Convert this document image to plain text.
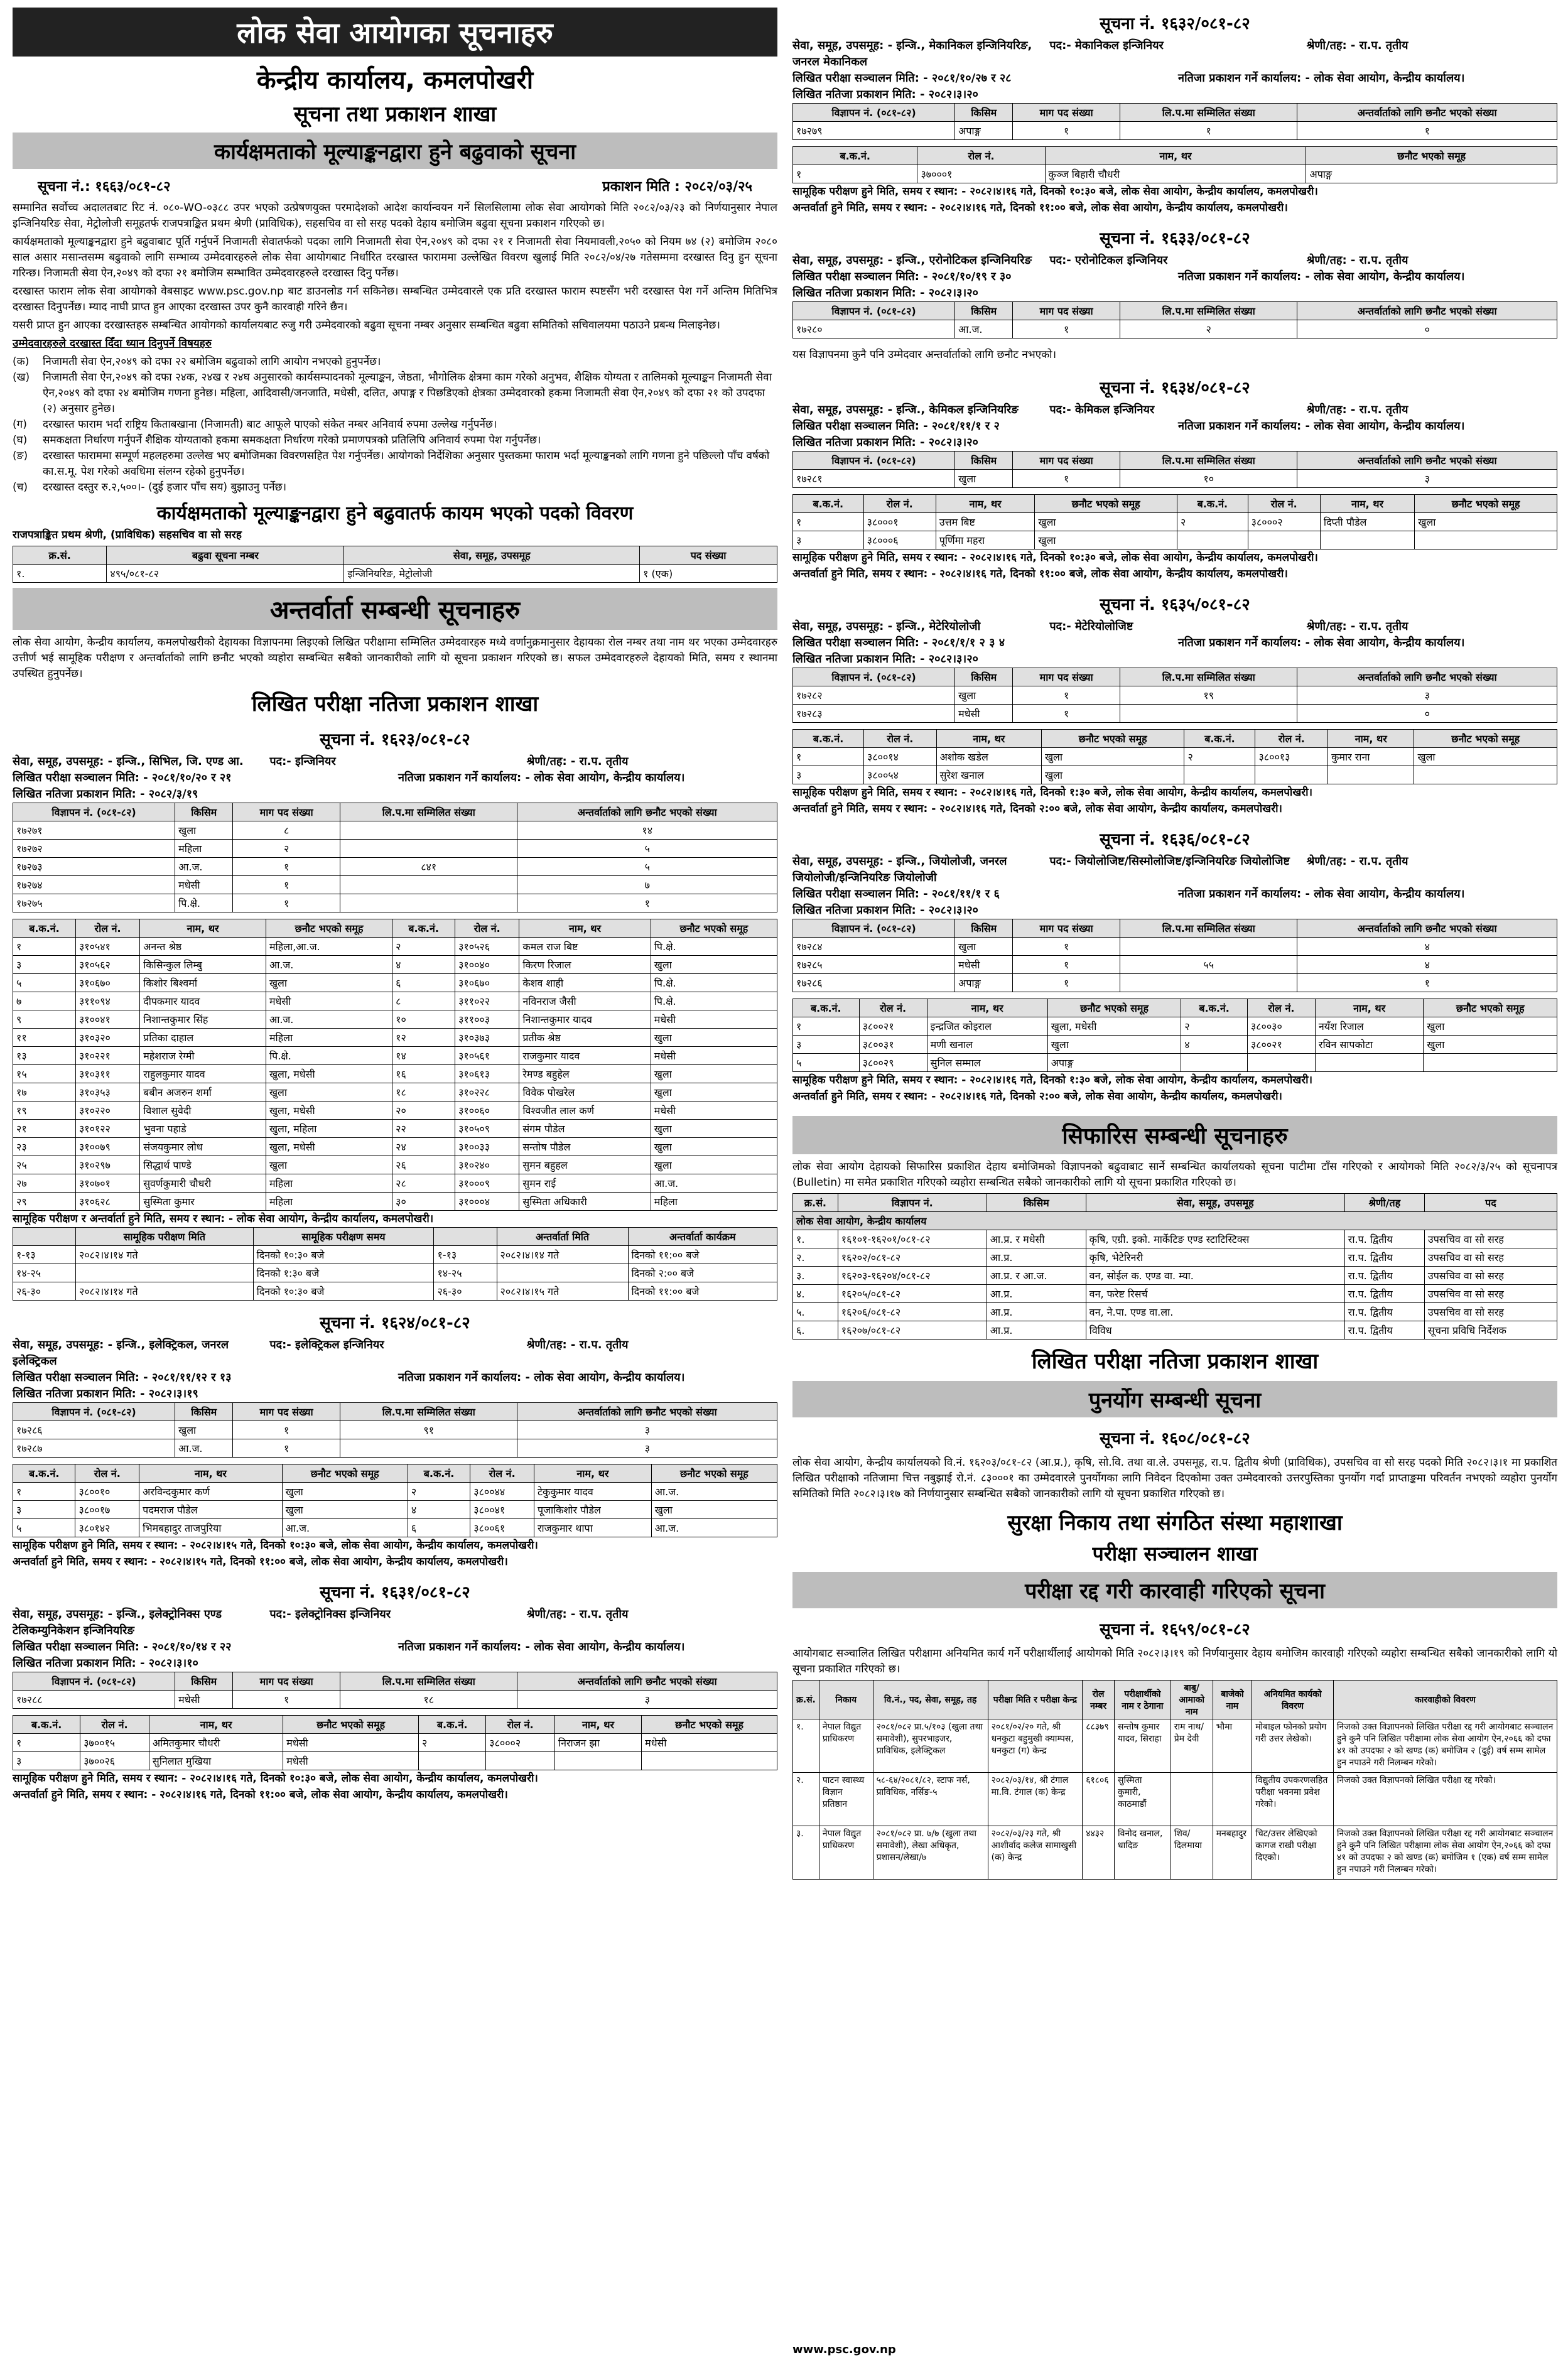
लोक सेवा आयोगका सूचनाहरु
केन्द्रीय कार्यालय, कमलपोखरी
सूचना तथा प्रकाशन शाखा
कार्यक्षमताको मूल्याङ्कनद्वारा हुने बढुवाको सूचना
सूचना नं.: १६६३/०८१-८२	प्रकाशन मिति : २०८२/०३/२५
सम्मानित सर्वोच्च अदालतबाट रिट नं. ०८०-WO-०३८८ उपर भएको उत्प्रेषणयुक्त परमादेशको आदेश कार्यान्वयन गर्ने सिलसिलामा लोक सेवा आयोगको मिति २०८२/०३/२३ को निर्णयानुसार नेपाल इन्जिनियरिङ सेवा, मेट्रोलोजी समूहतर्फ राजपत्राङ्कित प्रथम श्रेणी (प्राविधिक), सहसचिव वा सो सरह पदको देहाय बमोजिम बढुवा सूचना प्रकाशन गरिएको छ।
कार्यक्षमताको मूल्याङ्कनद्वारा हुने बढुवाबाट पूर्ति गर्नुपर्ने निजामती सेवातर्फको पदका लागि निजामती सेवा ऐन,२०४९ को दफा २१ र निजामती सेवा नियमावली,२०५० को नियम ७४ (२) बमोजिम २०८० साल असार मसान्तसम्म बढुवाको लागि सम्भाव्य उम्मेदवारहरुले लोक सेवा आयोगबाट निर्धारित दरखास्त फाराममा उल्लेखित विवरण खुलाई मिति २०८२/०४/२७ गतेसम्ममा दरखास्त दिनु हुन सूचना गरिन्छ। निजामती सेवा ऐन,२०४९ को दफा २१ बमोजिम सम्भावित उम्मेदवारहरुले दरखास्त दिनु पर्नेछ।
दरखास्त फाराम लोक सेवा आयोगको वेबसाइट www.psc.gov.np बाट डाउनलोड गर्न सकिनेछ। सम्बन्धित उम्मेदवारले एक प्रति दरखास्त फाराम स्पष्टसँग भरी दरखास्त पेश गर्ने अन्तिम मितिभित्र दरखास्त दिनुपर्नेछ। म्याद नाघी प्राप्त हुन आएका दरखास्त उपर कुनै कारवाही गरिने छैन।
यसरी प्राप्त हुन आएका दरखास्तहरु सम्बन्धित आयोगको कार्यालयबाट रुजु गरी उम्मेदवारको बढुवा सूचना नम्बर अनुसार सम्बन्धित बढुवा समितिको सचिवालयमा पठाउने प्रबन्ध मिलाइनेछ।
उम्मेदवारहरुले दरखास्त दिँदा ध्यान दिनुपर्ने विषयहरु
(क)	निजामती सेवा ऐन,२०४९ को दफा २२ बमोजिम बढुवाको लागि आयोग नभएको हुनुपर्नेछ।
(ख)	निजामती सेवा ऐन,२०४९ को दफा २४क, २४ख र २४घ अनुसारको कार्यसम्पादनको मूल्याङ्कन, जेष्ठता, भौगोलिक क्षेत्रमा काम गरेको अनुभव, शैक्षिक योग्यता र तालिमको मूल्याङ्कन निजामती सेवा ऐन,२०४९ को दफा २४ बमोजिम गणना हुनेछ। महिला, आदिवासी/जनजाति, मधेसी, दलित, अपाङ्ग र पिछडिएको क्षेत्रका उम्मेदवारको हकमा निजामती सेवा ऐन,२०४९ को दफा २१ को उपदफा (२) अनुसार हुनेछ।
(ग)	दरखास्त फाराम भर्दा राष्ट्रिय किताबखाना (निजामती) बाट आफूले पाएको संकेत नम्बर अनिवार्य रुपमा उल्लेख गर्नुपर्नेछ।
(घ)	समकक्षता निर्धारण गर्नुपर्ने शैक्षिक योग्यताको हकमा समकक्षता निर्धारण गरेको प्रमाणपत्रको प्रतिलिपि अनिवार्य रुपमा पेश गर्नुपर्नेछ।
(ङ)	दरखास्त फाराममा सम्पूर्ण महलहरुमा उल्लेख भए बमोजिमका विवरणसहित पेश गर्नुपर्नेछ। आयोगको निर्देशिका अनुसार पुस्तकमा फाराम भर्दा मूल्याङ्कनको लागि गणना हुने पछिल्लो पाँच वर्षको का.स.मू. पेश गरेको अवधिमा संलग्न रहेको हुनुपर्नेछ।
(च)	दरखास्त दस्तुर रु.२,५००।- (दुई हजार पाँच सय) बुझाउनु पर्नेछ।
कार्यक्षमताको मूल्याङ्कनद्वारा हुने बढुवातर्फ कायम भएको पदको विवरण
राजपत्राङ्कित प्रथम श्रेणी, (प्राविधिक) सहसचिव वा सो सरह
क्र.सं.	बढुवा सूचना नम्बर	सेवा, समूह, उपसमूह	पद संख्या
१.	४९५/०८१-८२	इन्जिनियरिङ, मेट्रोलोजी	१ (एक)
अन्तर्वार्ता सम्बन्धी सूचनाहरु
लोक सेवा आयोग, केन्द्रीय कार्यालय, कमलपोखरीको देहायका विज्ञापनमा लिइएको लिखित परीक्षामा सम्मिलित उम्मेदवारहरु मध्ये वर्णानुक्रमानुसार देहायका रोल नम्बर तथा नाम थर भएका उम्मेदवारहरु उत्तीर्ण भई सामूहिक परीक्षण र अन्तर्वार्ताको लागि छनौट भएको व्यहोरा सम्बन्धित सबैको जानकारीको लागि यो सूचना प्रकाशन गरिएको छ। सफल उम्मेदवारहरुले देहायको मिति, समय र स्थानमा उपस्थित हुनुपर्नेछ।
लिखित परीक्षा नतिजा प्रकाशन शाखा
सूचना नं. १६२३/०८१-८२
सेवा, समूह, उपसमूह: - इन्जि., सिभिल, जि. एण्ड आ.	पद:- इन्जिनियर	श्रेणी/तह: - रा.प. तृतीय
लिखित परीक्षा सञ्चालन मिति: - २०८१/१०/२० र २१	नतिजा प्रकाशन गर्ने कार्यालय: - लोक सेवा आयोग, केन्द्रीय कार्यालय।
लिखित नतिजा प्रकाशन मिति: - २०८२/३/१९
विज्ञापन नं. (०८१-८२)	किसिम	माग पद संख्या	लि.प.मा सम्मिलित संख्या	अन्तर्वार्ताको लागि छनौट भएको संख्या
१७२७१	खुला	८		१४
१७२७२	महिला	२		५
१७२७३	आ.ज.	१	८४१	५
१७२७४	मधेसी	१		७
१७२७५	पि.क्षे.	१		१
ब.क.नं.	रोल नं.	नाम, थर	छनौट भएको समूह	ब.क.नं.	रोल नं.	नाम, थर	छनौट भएको समूह
१	३१०५४१	अनन्त श्रेष्ठ	महिला,आ.ज.	२	३१०५२६	कमल राज बिष्ट	पि.क्षे.
३	३१०५६२	किसिन्कुल लिम्बु	आ.ज.	४	३१००४०	किरण रिजाल	खुला
५	३१०६७०	किशोर बिश्वर्मा	खुला	६	३१०६७०	केशव शाही	पि.क्षे.
७	३११०९४	दीपकमार यादव	मधेसी	८	३११०२२	नविनराज जैसी	पि.क्षे.
९	३१००४१	निशान्तकुमार सिंह	आ.ज.	१०	३११००३	निशान्तकुमार यादव	मधेसी
११	३१०३२०	प्रतिका दाहाल	महिला	१२	३१०३७३	प्रतीक श्रेष्ठ	खुला
१३	३१०२२१	महेशराज रेग्मी	पि.क्षे.	१४	३१०५६१	राजकुमार यादव	मधेसी
१५	३१०३११	राहुलकुमार यादव	खुला, मधेसी	१६	३१०६१३	रेमण्ड बहुहेल	खुला
१७	३१०३५३	बबीन अजरुन शर्मा	खुला	१८	३१०२२८	विवेक पोखरेल	खुला
१९	३१०२२०	विशाल सुवेदी	खुला, मधेसी	२०	३१००६०	विश्वजीत लाल कर्ण	मधेसी
२१	३१०१२२	भुवना पहाडे	खुला, महिला	२२	३१०५०९	संगम पौडेल	खुला
२३	३१००७९	संजयकुमार लोध	खुला, मधेसी	२४	३१००३३	सन्तोष पौडेल	खुला
२५	३१०२९७	सिद्धार्थ पाण्डे	खुला	२६	३१०२४०	सुमन बहुहल	खुला
२७	३१०७०१	सुवर्णकुमारी चौधरी	महिला	२८	३१०००९	सुमन राई	आ.ज.
२९	३१०६२८	सुस्मिता कुमार	महिला	३०	३१०००४	सुस्मिता अधिकारी	महिला
सामूहिक परीक्षण र अन्तर्वार्ता हुने मिति, समय र स्थान: - लोक सेवा आयोग, केन्द्रीय कार्यालय, कमलपोखरी।
	सामूहिक परीक्षण मिति	सामूहिक परीक्षण समय		अन्तर्वार्ता मिति	अन्तर्वार्ता कार्यक्रम
१-१३	२०८२।४।१४ गते	दिनको १०:३० बजे	१-१३	२०८२।४।१४ गते	दिनको ११:०० बजे
१४-२५		दिनको १:३० बजे	१४-२५		दिनको २:०० बजे
२६-३०	२०८२।४।१४ गते	दिनको १०:३० बजे	२६-३०	२०८२।४।१५ गते	दिनको ११:०० बजे
सूचना नं. १६२४/०८१-८२
सेवा, समूह, उपसमूह: - इन्जि., इलेक्ट्रिकल, जनरल इलेक्ट्रिकल
पद:- इलेक्ट्रिकल इन्जिनियर	श्रेणी/तह: - रा.प. तृतीय
लिखित परीक्षा सञ्चालन मिति: - २०८१/११/१२ र १३	नतिजा प्रकाशन गर्ने कार्यालय: - लोक सेवा आयोग, केन्द्रीय कार्यालय।
लिखित नतिजा प्रकाशन मिति: - २०८२।३।१९
विज्ञापन नं. (०८१-८२)	किसिम	माग पद संख्या	लि.प.मा सम्मिलित संख्या	अन्तर्वार्ताको लागि छनौट भएको संख्या
१७२८६	खुला	१	९१	३
१७२८७	आ.ज.	१		३
ब.क.नं.	रोल नं.	नाम, थर	छनौट भएको समूह	ब.क.नं.	रोल नं.	नाम, थर	छनौट भएको समूह
१	३८००१०	अरविन्दकुमार कर्ण	खुला	२	३८००४४	टेकुकुमार यादव	आ.ज.
३	३८००१७	पदमराज पौडेल	खुला	४	३८००४१	पूजाकिशोर पौडेल	खुला
५	३८०१४२	भिमबहादुर ताजपुरिया	आ.ज.	६	३८००६१	राजकुमार थापा	आ.ज.
सामूहिक परीक्षण हुने मिति, समय र स्थान: - २०८२।४।१५ गते, दिनको १०:३० बजे, लोक सेवा आयोग, केन्द्रीय कार्यालय, कमलपोखरी।
अन्तर्वार्ता हुने मिति, समय र स्थान: - २०८२।४।१५ गते, दिनको ११:०० बजे, लोक सेवा आयोग, केन्द्रीय कार्यालय, कमलपोखरी।
सूचना नं. १६३१/०८१-८२
सेवा, समूह, उपसमूह: - इन्जि., इलेक्ट्रोनिक्स एण्ड टेलिकम्युनिकेशन इन्जिनियरिङ
पद:- इलेक्ट्रोनिक्स इन्जिनियर	श्रेणी/तह: - रा.प. तृतीय
लिखित परीक्षा सञ्चालन मिति: - २०८१/१०/१४ र २२	नतिजा प्रकाशन गर्ने कार्यालय: - लोक सेवा आयोग, केन्द्रीय कार्यालय।
लिखित नतिजा प्रकाशन मिति: - २०८२।३।१०
विज्ञापन नं. (०८१-८२)	किसिम	माग पद संख्या	लि.प.मा सम्मिलित संख्या	अन्तर्वार्ताको लागि छनौट भएको संख्या
१७२८८	मधेसी	१	१८	३
ब.क.नं.	रोल नं.	नाम, थर	छनौट भएको समूह	ब.क.नं.	रोल नं.	नाम, थर	छनौट भएको समूह
१	३७००१५	अमितकुमार चौधरी	मधेसी	२	३८०००२	निराजन झा	मधेसी
३	३७००२६	सुनिलात मुखिया	मधेसी				
सामूहिक परीक्षण हुने मिति, समय र स्थान: - २०८२।४।१६ गते, दिनको १०:३० बजे, लोक सेवा आयोग, केन्द्रीय कार्यालय, कमलपोखरी।
अन्तर्वार्ता हुने मिति, समय र स्थान: - २०८२।४।१६ गते, दिनको ११:०० बजे, लोक सेवा आयोग, केन्द्रीय कार्यालय, कमलपोखरी।
सूचना नं. १६३२/०८१-८२
सेवा, समूह, उपसमूह: - इन्जि., मेकानिकल इन्जिनियरिङ, जनरल मेकानिकल
पद:- मेकानिकल इन्जिनियर	श्रेणी/तह: - रा.प. तृतीय
लिखित परीक्षा सञ्चालन मिति: - २०८१/१०/२७ र २८	नतिजा प्रकाशन गर्ने कार्यालय: - लोक सेवा आयोग, केन्द्रीय कार्यालय।
लिखित नतिजा प्रकाशन मिति: - २०८२।३।२०
विज्ञापन नं. (०८१-८२)	किसिम	माग पद संख्या	लि.प.मा सम्मिलित संख्या	अन्तर्वार्ताको लागि छनौट भएको संख्या
१७२७९	अपाङ्ग	१	१	१
ब.क.नं.	रोल नं.	नाम, थर	छनौट भएको समूह
१	३७०००१	कुञ्ज बिहारी चौधरी	अपाङ्ग
सामूहिक परीक्षण हुने मिति, समय र स्थान: - २०८२।४।१६ गते, दिनको १०:३० बजे, लोक सेवा आयोग, केन्द्रीय कार्यालय, कमलपोखरी।
अन्तर्वार्ता हुने मिति, समय र स्थान: - २०८२।४।१६ गते, दिनको ११:०० बजे, लोक सेवा आयोग, केन्द्रीय कार्यालय, कमलपोखरी।
सूचना नं. १६३३/०८१-८२
सेवा, समूह, उपसमूह: - इन्जि., एरोनोटिकल इन्जिनियरिङ	पद:- एरोनोटिकल इन्जिनियर	श्रेणी/तह: - रा.प. तृतीय
लिखित परीक्षा सञ्चालन मिति: - २०८१/१०/१९ र ३०	नतिजा प्रकाशन गर्ने कार्यालय: - लोक सेवा आयोग, केन्द्रीय कार्यालय।
लिखित नतिजा प्रकाशन मिति: - २०८२।३।२०
विज्ञापन नं. (०८१-८२)	किसिम	माग पद संख्या	लि.प.मा सम्मिलित संख्या	अन्तर्वार्ताको लागि छनौट भएको संख्या
१७२८०	आ.ज.	१	२	०
यस विज्ञापनमा कुनै पनि उम्मेदवार अन्तर्वार्ताको लागि छनौट नभएको।
सूचना नं. १६३४/०८१-८२
सेवा, समूह, उपसमूह: - इन्जि., केमिकल इन्जिनियरिङ	पद:- केमिकल इन्जिनियर	श्रेणी/तह: - रा.प. तृतीय
लिखित परीक्षा सञ्चालन मिति: - २०८१/११/१ र २	नतिजा प्रकाशन गर्ने कार्यालय: - लोक सेवा आयोग, केन्द्रीय कार्यालय।
लिखित नतिजा प्रकाशन मिति: - २०८२।३।२०
विज्ञापन नं. (०८१-८२)	किसिम	माग पद संख्या	लि.प.मा सम्मिलित संख्या	अन्तर्वार्ताको लागि छनौट भएको संख्या
१७२८१	खुला	१	१०	३
ब.क.नं.	रोल नं.	नाम, थर	छनौट भएको समूह	ब.क.नं.	रोल नं.	नाम, थर	छनौट भएको समूह
१	३८०००१	उत्तम बिष्ट	खुला	२	३८०००२	दिप्ती पौडेल	खुला
३	३८०००६	पूर्णिमा महरा	खुला				
सामूहिक परीक्षण हुने मिति, समय र स्थान: - २०८२।४।१६ गते, दिनको १०:३० बजे, लोक सेवा आयोग, केन्द्रीय कार्यालय, कमलपोखरी।
अन्तर्वार्ता हुने मिति, समय र स्थान: - २०८२।४।१६ गते, दिनको ११:०० बजे, लोक सेवा आयोग, केन्द्रीय कार्यालय, कमलपोखरी।
सूचना नं. १६३५/०८१-८२
सेवा, समूह, उपसमूह: - इन्जि., मेटेरियोलोजी	पद:- मेटेरियोलोजिष्ट	श्रेणी/तह: - रा.प. तृतीय
लिखित परीक्षा सञ्चालन मिति: - २०८१/१/१ २ ३ ४	नतिजा प्रकाशन गर्ने कार्यालय: - लोक सेवा आयोग, केन्द्रीय कार्यालय।
लिखित नतिजा प्रकाशन मिति: - २०८२।३।२०
विज्ञापन नं. (०८१-८२)	किसिम	माग पद संख्या	लि.प.मा सम्मिलित संख्या	अन्तर्वार्ताको लागि छनौट भएको संख्या
१७२८२	खुला	१	१९	३
१७२८३	मधेसी	१		०
ब.क.नं.	रोल नं.	नाम, थर	छनौट भएको समूह	ब.क.नं.	रोल नं.	नाम, थर	छनौट भएको समूह
१	३८००१४	अशोक खडेल	खुला	२	३८००१३	कुमार राना	खुला
३	३८००५४	सुरेश खनाल	खुला				
सामूहिक परीक्षण हुने मिति, समय र स्थान: - २०८२।४।१६ गते, दिनको १:३० बजे, लोक सेवा आयोग, केन्द्रीय कार्यालय, कमलपोखरी।
अन्तर्वार्ता हुने मिति, समय र स्थान: - २०८२।४।१६ गते, दिनको २:०० बजे, लोक सेवा आयोग, केन्द्रीय कार्यालय, कमलपोखरी।
सूचना नं. १६३६/०८१-८२
सेवा, समूह, उपसमूह: - इन्जि., जियोलोजी, जनरल जियोलोजी/इन्जिनियरिङ जियोलोजी
पद:- जियोलोजिष्ट/सिस्मोलोजिष्ट/इन्जिनियरिङ जियोलोजिष्ट	श्रेणी/तह: - रा.प. तृतीय
लिखित परीक्षा सञ्चालन मिति: - २०८१/११/१ र ६	नतिजा प्रकाशन गर्ने कार्यालय: - लोक सेवा आयोग, केन्द्रीय कार्यालय।
लिखित नतिजा प्रकाशन मिति: - २०८२।३।२०
विज्ञापन नं. (०८१-८२)	किसिम	माग पद संख्या	लि.प.मा सम्मिलित संख्या	अन्तर्वार्ताको लागि छनौट भएको संख्या
१७२८४	खुला	१		४
१७२८५	मधेसी	१	५५	४
१७२८६	अपाङ्ग	१		१
ब.क.नं.	रोल नं.	नाम, थर	छनौट भएको समूह	ब.क.नं.	रोल नं.	नाम, थर	छनौट भएको समूह
१	३८००२१	इन्द्रजित कोइराल	खुला, मधेसी	२	३८००३०	नयँश रिजाल	खुला
३	३८००३१	मणी खनाल	खुला	४	३८००२१	रविन सापकोटा	खुला
५	३८००२९	सुनिल सम्माल	अपाङ्ग				
सामूहिक परीक्षण हुने मिति, समय र स्थान: - २०८२।४।१६ गते, दिनको १:३० बजे, लोक सेवा आयोग, केन्द्रीय कार्यालय, कमलपोखरी।
अन्तर्वार्ता हुने मिति, समय र स्थान: - २०८२।४।१६ गते, दिनको २:०० बजे, लोक सेवा आयोग, केन्द्रीय कार्यालय, कमलपोखरी।
सिफारिस सम्बन्धी सूचनाहरु
लोक सेवा आयोग देहायको सिफारिस प्रकाशित देहाय बमोजिमको विज्ञापनको बढुवाबाट सार्ने सम्बन्धित कार्यालयको सूचना पाटीमा टाँस गरिएको र आयोगको मिति २०८२/३/२५ को सूचनापत्र (Bulletin) मा समेत प्रकाशित गरिएको व्यहोरा सम्बन्धित सबैको जानकारीको लागि यो सूचना प्रकाशित गरिएको छ।
क्र.सं.	विज्ञापन नं.	किसिम	सेवा, समूह, उपसमूह	श्रेणी/तह	पद
लोक सेवा आयोग, केन्द्रीय कार्यालय					
१.	१६१०१-१६२०१/०८१-८२	आ.प्र. र मधेसी	कृषि, एग्री. इको. मार्केटिङ एण्ड स्टाटिस्टिक्स	रा.प. द्वितीय	उपसचिव वा सो सरह
२.	१६२०२/०८१-८२	आ.प्र.	कृषि, भेटेरिनरी	रा.प. द्वितीय	उपसचिव वा सो सरह
३.	१६२०३-१६२०४/०८१-८२	आ.प्र. र आ.ज.	वन, सोईल क. एण्ड वा. म्या.	रा.प. द्वितीय	उपसचिव वा सो सरह
४.	१६२०५/०८१-८२	आ.प्र.	वन, फरेष्ट रिसर्च	रा.प. द्वितीय	उपसचिव वा सो सरह
५.	१६२०६/०८१-८२	आ.प्र.	वन, ने.पा. एण्ड वा.ला.	रा.प. द्वितीय	उपसचिव वा सो सरह
६.	१६२०७/०८१-८२	आ.प्र.	विविध	रा.प. द्वितीय	सूचना प्रविधि निर्देशक
लिखित परीक्षा नतिजा प्रकाशन शाखा
पुनर्योग सम्बन्धी सूचना
सूचना नं. १६०८/०८१-८२
लोक सेवा आयोग, केन्द्रीय कार्यालयको वि.नं. १६२०३/०८१-८२ (आ.प्र.), कृषि, सो.वि. तथा वा.ले. उपसमूह, रा.प. द्वितीय श्रेणी (प्राविधिक), उपसचिव वा सो सरह पदको मिति २०८२।३।१ मा प्रकाशित लिखित परीक्षाको नतिजामा चित्त नबुझाई रो.नं. ८३०००१ का उम्मेदवारले पुनर्योगका लागि निवेदन दिएकोमा उक्त उम्मेदवारको उत्तरपुस्तिका पुनर्योग गर्दा प्राप्ताङ्कमा परिवर्तन नभएको व्यहोरा पुनर्योग समितिको मिति २०८२।३।१७ को निर्णयानुसार सम्बन्धित सबैको जानकारीको लागि यो सूचना प्रकाशित गरिएको छ।
सुरक्षा निकाय तथा संगठित संस्था महाशाखा
परीक्षा सञ्चालन शाखा
परीक्षा रद्द गरी कारवाही गरिएको सूचना
सूचना नं. १६५९/०८१-८२
आयोगबाट सञ्चालित लिखित परीक्षामा अनियमित कार्य गर्ने परीक्षार्थीलाई आयोगको मिति २०८२।३।१९ को निर्णयानुसार देहाय बमोजिम कारवाही गरिएको व्यहोरा सम्बन्धित सबैको जानकारीको लागि यो सूचना प्रकाशित गरिएको छ।
क्र.सं.	निकाय	वि.नं., पद, सेवा, समूह, तह	परीक्षा मिति र परीक्षा केन्द्र	रोल नम्बर	परीक्षार्थीको नाम र ठेगाना	बाबु/आमाको नाम	बाजेको नाम	अनियमित कार्यको विवरण	कारवाहीको विवरण
१.	नेपाल विद्युत प्राधिकरण	२०८१/०८२ प्रा.५/१०३ (खुला तथा समावेशी), सुपरभाइजर, प्राविधिक, इलेक्ट्रिकल	२०८१/०२/२० गते, श्री धनकुटा बहुमुखी क्याम्पस, धनकुटा (ग) केन्द्र	८८३७९	सन्तोष कुमार यादव, सिराहा	राम नाथ/प्रेम देवी	भौमा	मोबाइल फोनको प्रयोग गरी उत्तर लेखेको।	निजको उक्त विज्ञापनको लिखित परीक्षा रद्द गरी आयोगबाट सञ्चालन हुने कुनै पनि लिखित परीक्षामा लोक सेवा आयोग ऐन,२०६६ को दफा ४१ को उपदफा २ को खण्ड (क) बमोजिम २ (दुई) वर्ष सम्म सामेल हुन नपाउने गरी निलम्बन गरेको।
२.	पाटन स्वास्थ्य विज्ञान प्रतिष्ठान	५८-६४/२०८१/८२, स्टाफ नर्स, प्राविधिक, नर्सिङ-५	२०८२/०३/१४, श्री टंगाल मा.वि. टंगाल (क) केन्द्र	६१८०६	सुस्मिता कुमारी, काठमाडौं			विद्युतीय उपकरणसहित परीक्षा भवनमा प्रवेश गरेको।	निजको उक्त विज्ञापनको लिखित परीक्षा रद्द गरेको।
३.	नेपाल विद्युत प्राधिकरण	२०८१/०८२ प्रा. ७/७ (खुला तथा समावेशी), लेखा अधिकृत, प्रशासन/लेखा/७	२०८२/०३/२३ गते, श्री आशीर्वाद कलेज सामाखुसी (क) केन्द्र	४४३२	विनोद खनाल, धादिङ	शिव/दिलमाया	मनबहादुर	चिट/उत्तर लेखिएको कागज राखी परीक्षा दिएको।	निजको उक्त विज्ञापनको लिखित परीक्षा रद्द गरी आयोगबाट सञ्चालन हुने कुनै पनि लिखित परीक्षामा लोक सेवा आयोग ऐन,२०६६ को दफा ४१ को उपदफा २ को खण्ड (क) बमोजिम १ (एक) वर्ष सम्म सामेल हुन नपाउने गरी निलम्बन गरेको।
www.psc.gov.np
